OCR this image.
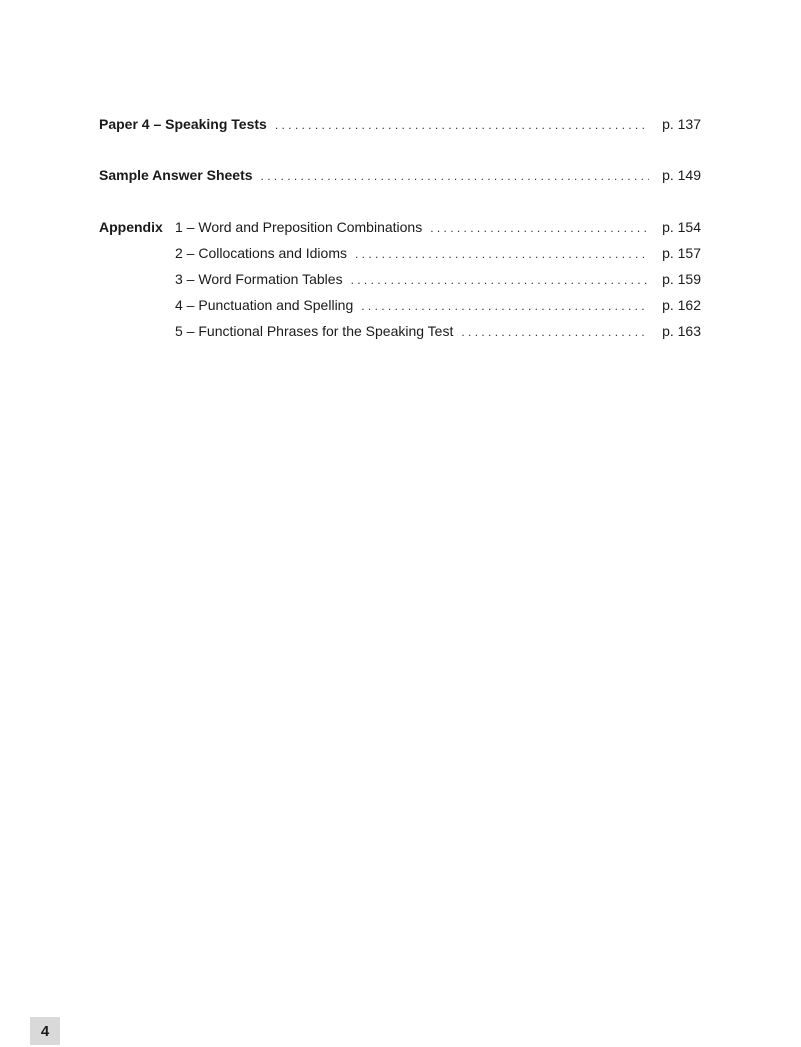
Paper 4 – Speaking Tests . . .	p. 137
Sample Answer Sheets . . .	p. 149
Appendix 1 – Word and Preposition Combinations . . .	p. 154
2 – Collocations and Idioms . . .	p. 157
3 – Word Formation Tables . . .	p. 159
4 – Punctuation and Spelling . . .	p. 162
5 – Functional Phrases for the Speaking Test . . .	p. 163
4
